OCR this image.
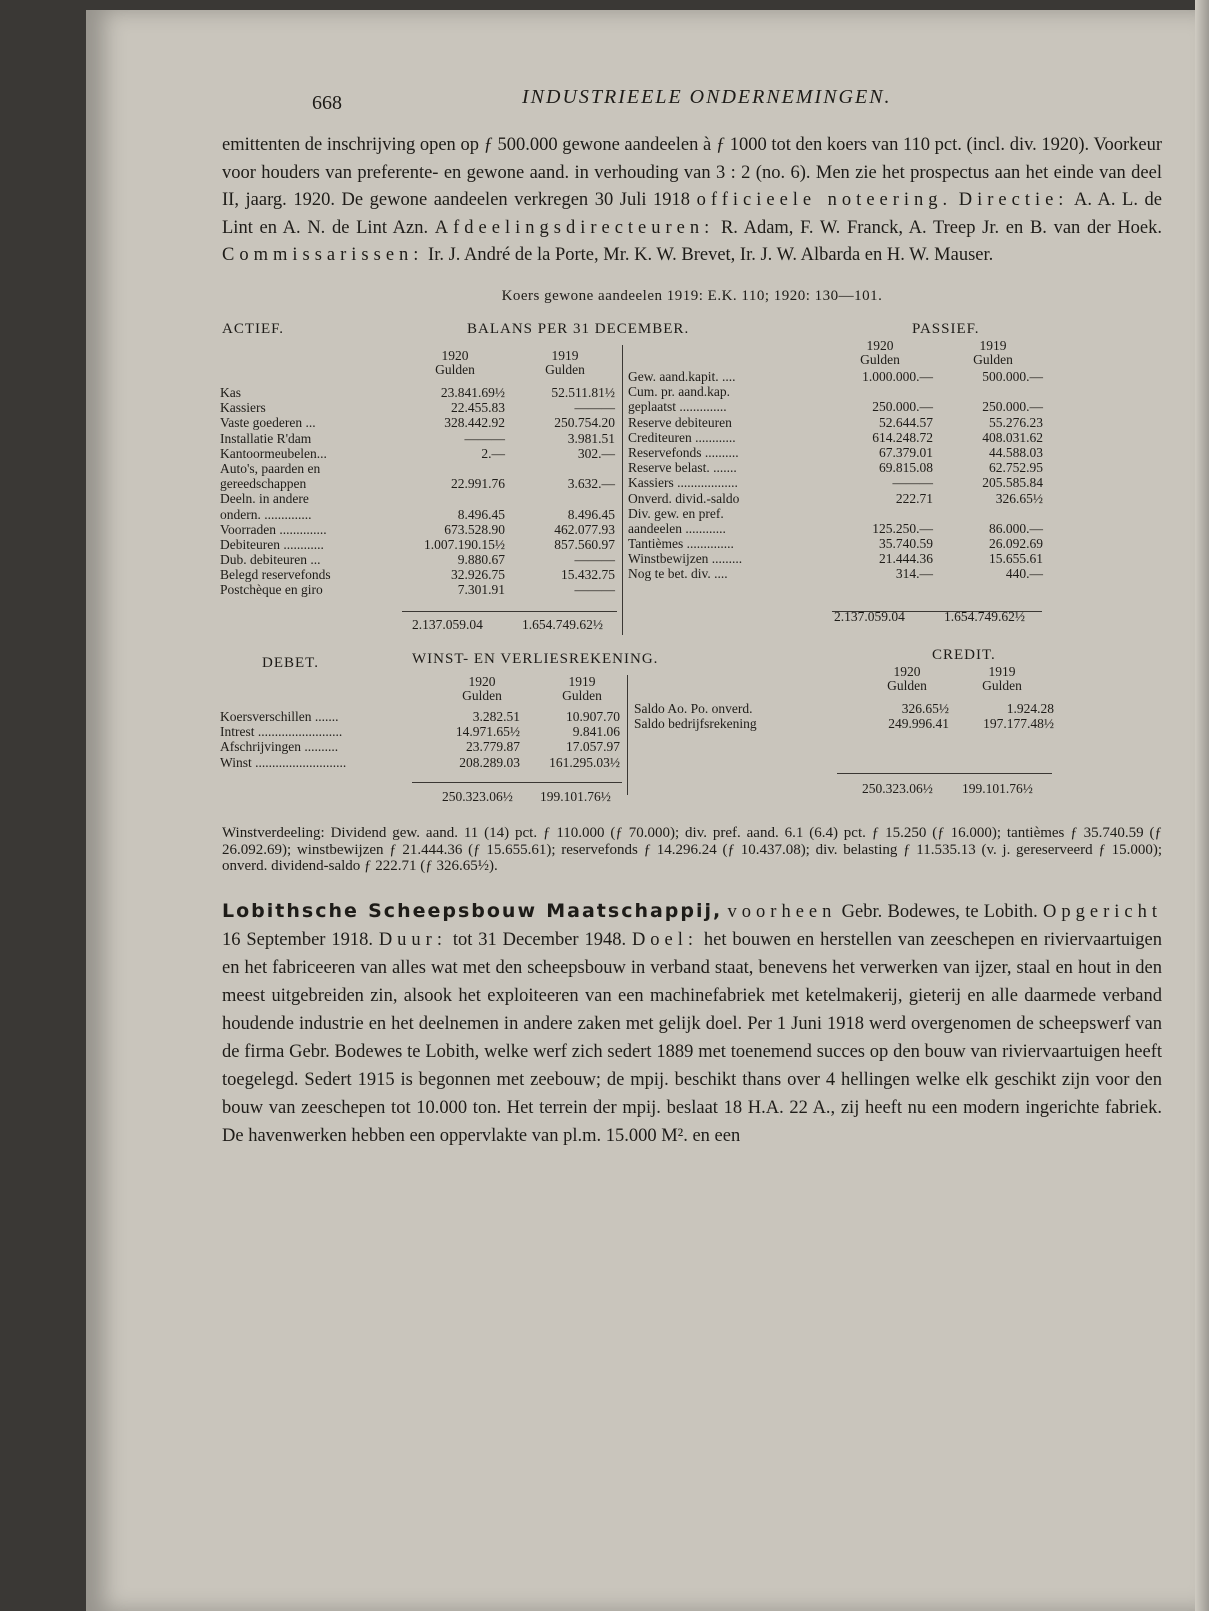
668	INDUSTRIEELE ONDERNEMINGEN.

emittenten de inschrijving open op ƒ 500.000 gewone aandeelen à ƒ 1000 tot den koers van 110 pct. (incl. div. 1920). Voorkeur voor houders van preferente- en gewone aand. in verhouding van 3 : 2 (no. 6). Men zie het prospectus aan het einde van deel II, jaarg. 1920. De gewone aandeelen verkregen 30 Juli 1918 officieele noteering. Directie: A. A. L. de Lint en A. N. de Lint Azn. Afdeelingsdirecteuren: R. Adam, F. W. Franck, A. Treep Jr. en B. van der Hoek. Commissarissen: Ir. J. André de la Porte, Mr. K. W. Brevet, Ir. J. W. Albarda en H. W. Mauser.

Koers gewone aandeelen 1919: E.K. 110; 1920: 130—101.
ACTIEF.	BALANS PER 31 DECEMBER.	PASSIEF.
1920
Gulden
1919
Gulden
1920
Gulden
1919
Gulden
Kas	23.841.69½	52.511.81½
Kassiers	22.455.83	———
Vaste goederen ...	328.442.92	250.754.20
Installatie R'dam	———	3.981.51
Kantoormeubelen...	2.—	302.—
Auto's, paarden en
gereedschappen	22.991.76	3.632.—
Deeln. in andere
ondern. ..............	8.496.45	8.496.45
Voorraden ..............	673.528.90	462.077.93
Debiteuren ............	1.007.190.15½	857.560.97
Dub. debiteuren ...	9.880.67	———
Belegd reservefonds	32.926.75	15.432.75
Postchèque en giro	7.301.91	———
Gew. aand.kapit. ....	1.000.000.—	500.000.—
Cum. pr. aand.kap.
geplaatst ..............	250.000.—	250.000.—
Reserve debiteuren	52.644.57	55.276.23
Crediteuren ............	614.248.72	408.031.62
Reservefonds ..........	67.379.01	44.588.03
Reserve belast. .......	69.815.08	62.752.95
Kassiers ..................	———	205.585.84
Onverd. divid.-saldo	222.71	326.65½
Div. gew. en pref.
aandeelen ............	125.250.—	86.000.—
Tantièmes ..............	35.740.59	26.092.69
Winstbewijzen .........	21.444.36	15.655.61
Nog te bet. div. ....	314.—	440.—
2.137.059.04	1.654.749.62½
2.137.059.04	1.654.749.62½
DEBET.	WINST- EN VERLIESREKENING.	CREDIT.
1920
Gulden
1919
Gulden
1920
Gulden
1919
Gulden
Koersverschillen .......	3.282.51	10.907.70
Intrest .........................	14.971.65½	9.841.06
Afschrijvingen ..........	23.779.87	17.057.97
Winst ...........................	208.289.03 161.295.03½
Saldo Ao. Po. onverd.	326.65½	1.924.28
Saldo bedrijfsrekening	249.996.41	197.177.48½
250.323.06½ 199.101.76½
250.323.06½ 199.101.76½

Winstverdeeling: Dividend gew. aand. 11 (14) pct. ƒ 110.000 (ƒ 70.000); div. pref. aand. 6.1 (6.4) pct. ƒ 15.250 (ƒ 16.000); tantièmes ƒ 35.740.59 (ƒ 26.092.69); winstbewijzen ƒ 21.444.36 (ƒ 15.655.61); reservefonds ƒ 14.296.24 (ƒ 10.437.08); div. belasting ƒ 11.535.13 (v. j. gereserveerd ƒ 15.000); onverd. dividend-saldo ƒ 222.71 (ƒ 326.65½).

Lobithsche Scheepsbouw Maatschappij, voorheen Gebr. Bodewes, te Lobith. Opgericht 16 September 1918. Duur: tot 31 December 1948. Doel: het bouwen en herstellen van zeeschepen en riviervaartuigen en het fabriceeren van alles wat met den scheepsbouw in verband staat, benevens het verwerken van ijzer, staal en hout in den meest uitgebreiden zin, alsook het exploiteeren van een machinefabriek met ketelmakerij, gieterij en alle daarmede verband houdende industrie en het deelnemen in andere zaken met gelijk doel. Per 1 Juni 1918 werd overgenomen de scheepswerf van de firma Gebr. Bodewes te Lobith, welke werf zich sedert 1889 met toenemend succes op den bouw van riviervaartuigen heeft toegelegd. Sedert 1915 is begonnen met zeebouw; de mpij. beschikt thans over 4 hellingen welke elk geschikt zijn voor den bouw van zeeschepen tot 10.000 ton. Het terrein der mpij. beslaat 18 H.A. 22 A., zij heeft nu een modern ingerichte fabriek. De havenwerken hebben een oppervlakte van pl.m. 15.000 M². en een
